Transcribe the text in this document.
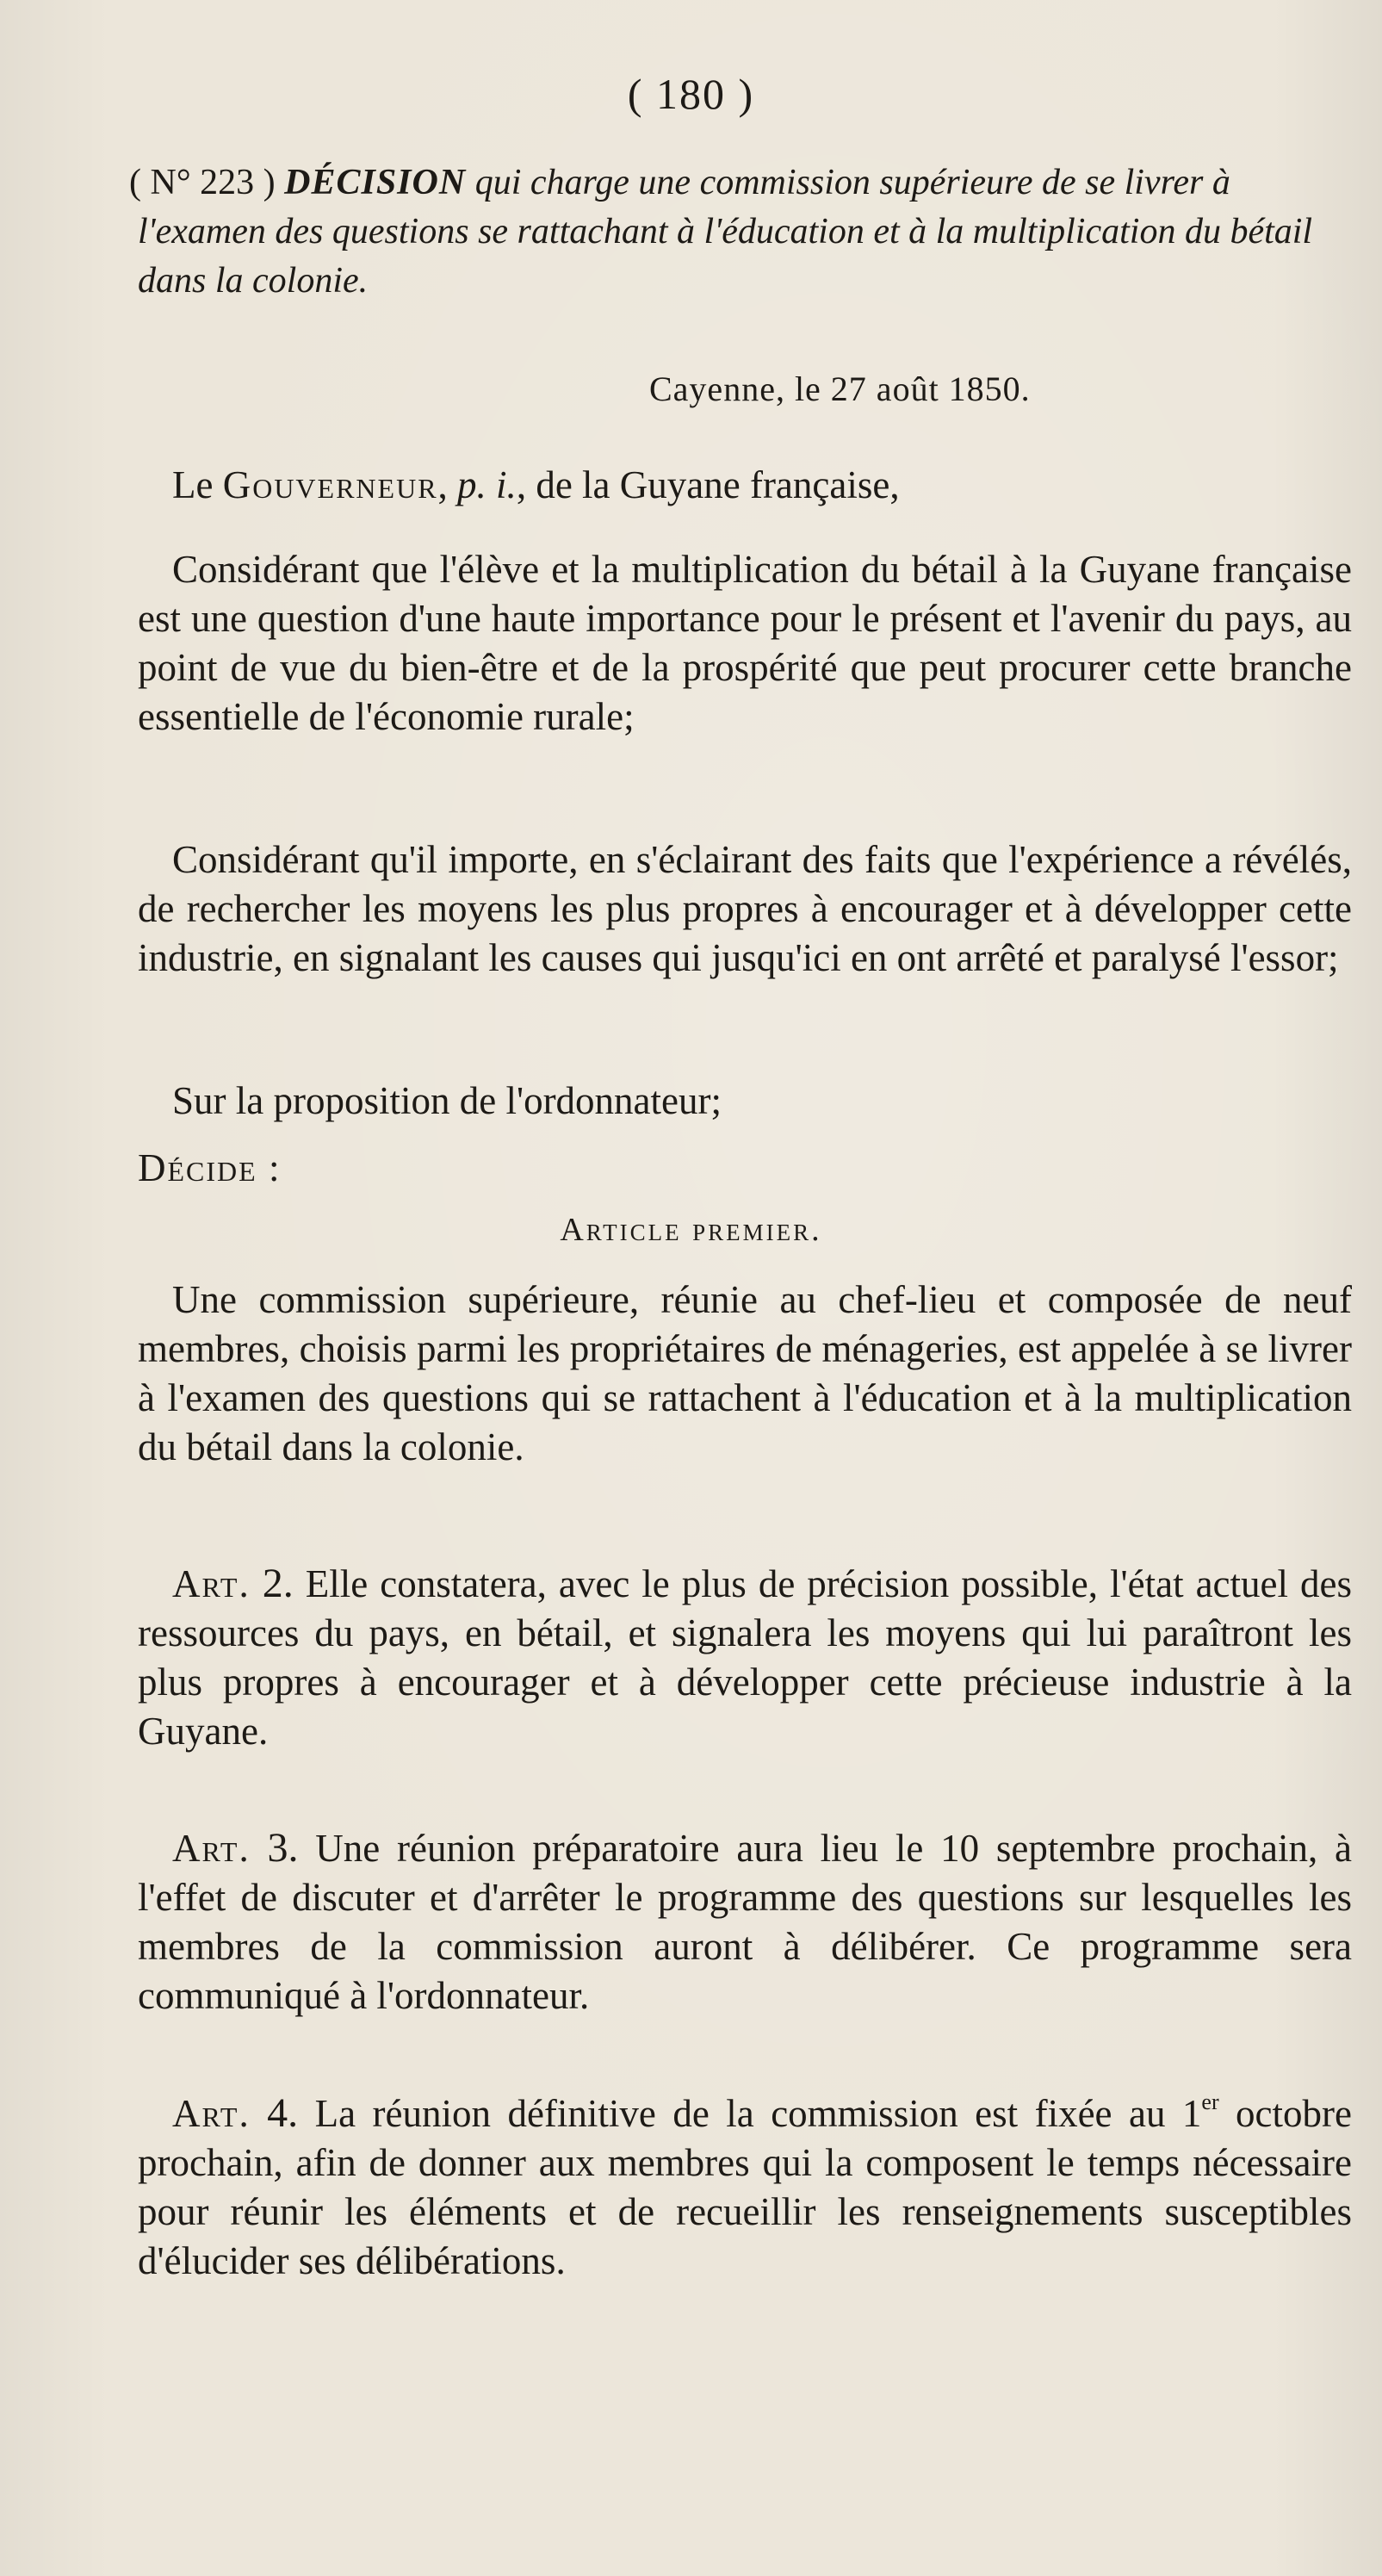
( 180 )
( N° 223 ) DÉCISION qui charge une commission supérieure de se livrer à l'examen des questions se rattachant à l'éducation et à la multiplication du bétail dans la colonie.
Cayenne, le 27 août 1850.

Le Gouverneur, p. i., de la Guyane française,

Considérant que l'élève et la multiplication du bétail à la Guyane française est une question d'une haute importance pour le présent et l'avenir du pays, au point de vue du bien-être et de la prospérité que peut procurer cette branche essentielle de l'économie rurale;

Considérant qu'il importe, en s'éclairant des faits que l'expérience a révélés, de rechercher les moyens les plus propres à encourager et à développer cette industrie, en signalant les causes qui jusqu'ici en ont arrêté et paralysé l'essor;

Sur la proposition de l'ordonnateur;

Décide :
Article premier.

Une commission supérieure, réunie au chef-lieu et composée de neuf membres, choisis parmi les propriétaires de ménageries, est appelée à se livrer à l'examen des questions qui se rattachent à l'éducation et à la multiplication du bétail dans la colonie.

Art. 2. Elle constatera, avec le plus de précision possible, l'état actuel des ressources du pays, en bétail, et signalera les moyens qui lui paraîtront les plus propres à encourager et à développer cette précieuse industrie à la Guyane.

Art. 3. Une réunion préparatoire aura lieu le 10 septembre prochain, à l'effet de discuter et d'arrêter le programme des questions sur lesquelles les membres de la commission auront à délibérer. Ce programme sera communiqué à l'ordonnateur.

Art. 4. La réunion définitive de la commission est fixée au 1er octobre prochain, afin de donner aux membres qui la composent le temps nécessaire pour réunir les éléments et de recueillir les renseignements susceptibles d'élucider ses délibérations.
